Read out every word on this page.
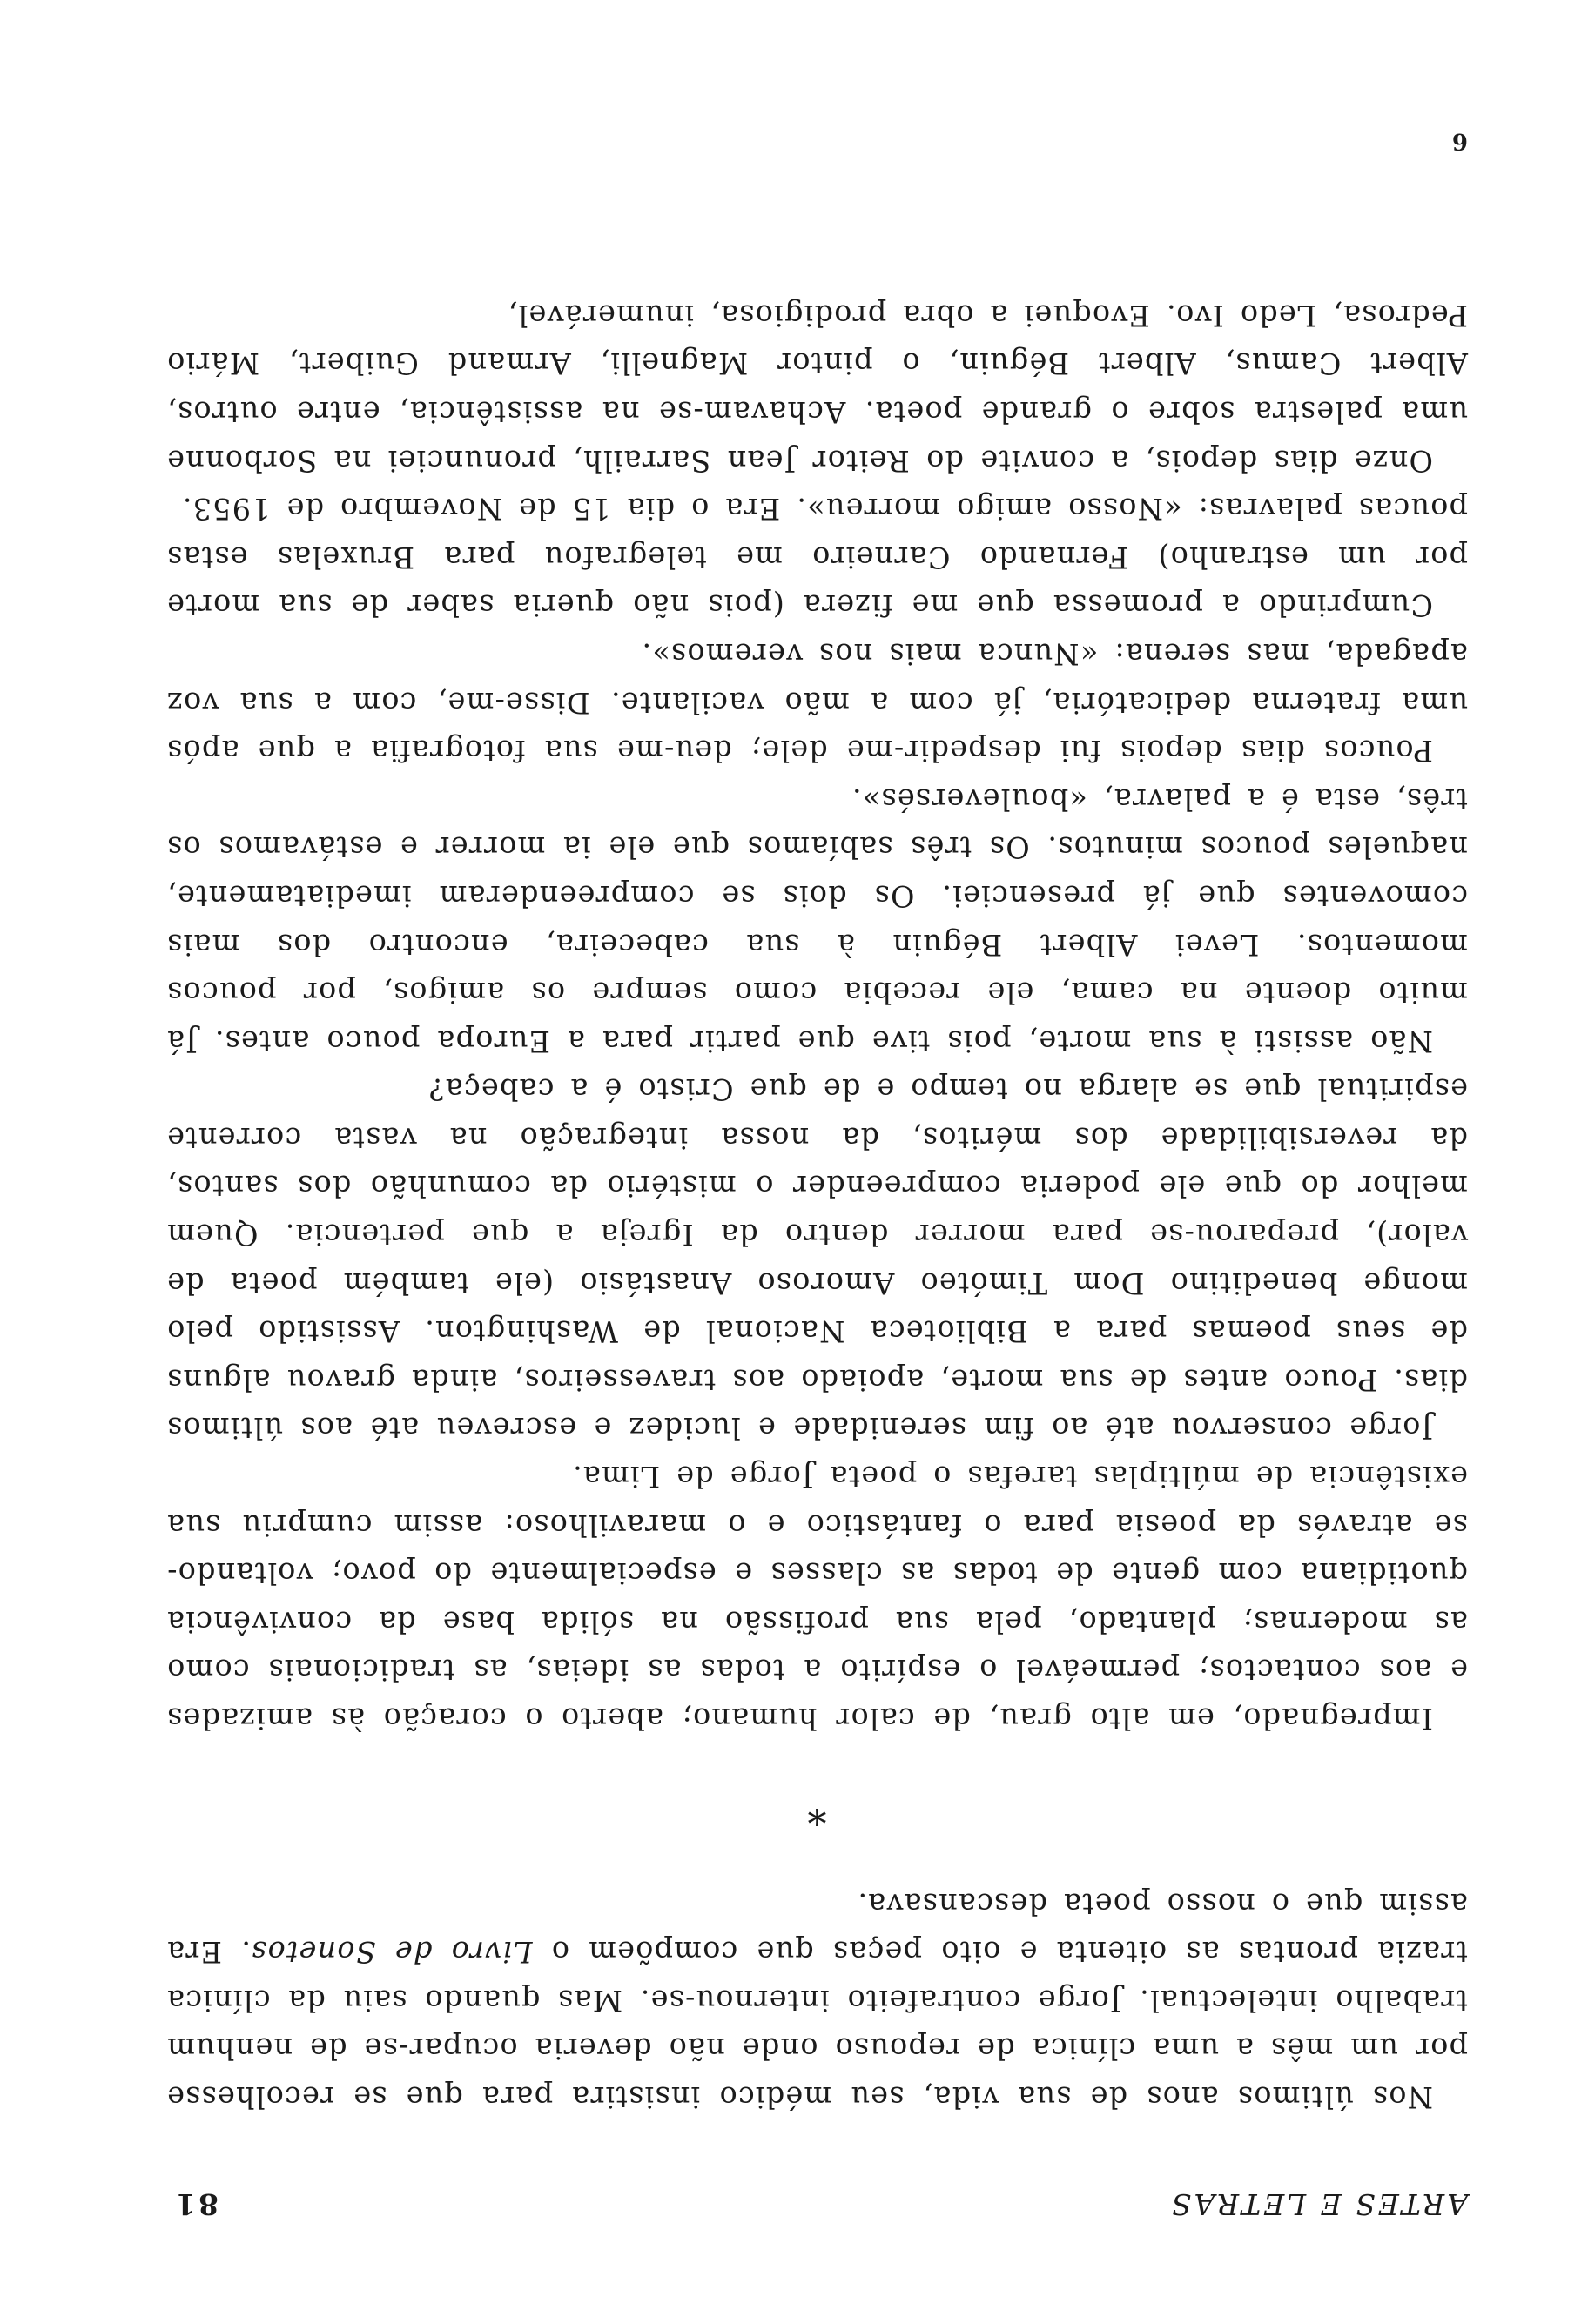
ARTES E LETRAS
81

Nos últimos anos de sua vida, seu médico insistira para que se recolhesse por um mês a uma clínica de repouso onde não deveria ocupar-se de nenhum trabalho intelectual. Jorge contrafeito internou-se. Mas quando saiu da clínica trazia prontas as oitenta e oito peças que compõem o Livro de Sonetos. Era assim que o nosso poeta descansava.

*

Impregnado, em alto grau, de calor humano; aberto o coração às amizades e aos contactos; permeável o espírito a todas as ideias, as tradicionais como as modernas; plantado, pela sua profissão na sólida base da convivência quotidiana com gente de todas as classes e especialmente do povo; voltando-se através da poesia para o fantástico e o maravilhoso: assim cumpriu sua existência de múltiplas tarefas o poeta Jorge de Lima.

Jorge conservou até ao fim serenidade e lucidez e escreveu até aos últimos dias. Pouco antes de sua morte, apoiado aos travesseiros, ainda gravou alguns de seus poemas para a Biblioteca Nacional de Washington. Assistido pelo monge beneditino Dom Timóteo Amoroso Anastásio (ele também poeta de valor), preparou-se para morrer dentro da Igreja a que pertencia. Quem melhor do que ele poderia compreender o mistério da comunhão dos santos, da reversibilidade dos méritos, da nossa integração na vasta corrente espiritual que se alarga no tempo e de que Cristo é a cabeça?

Não assisti à sua morte, pois tive que partir para a Europa pouco antes. Já muito doente na cama, ele recebia como sempre os amigos, por poucos momentos. Levei Albert Béguin à sua cabeceira, encontro dos mais comoventes que já presenciei. Os dois se compreenderam imediatamente, naqueles poucos minutos. Os três sabíamos que ele ia morrer e estávamos os três, esta é a palavra, «bouleversés».

Poucos dias depois fui despedir-me dele; deu-me sua fotografia a que após uma fraterna dedicatória, já com a mão vacilante. Disse-me, com a sua voz apagada, mas serena: «Nunca mais nos veremos».

Cumprindo a promessa que me fizera (pois não queria saber de sua morte por um estranho) Fernando Carneiro me telegrafou para Bruxelas estas poucas palavras: «Nosso amigo morreu». Era o dia 15 de Novembro de 1953.

Onze dias depois, a convite do Reitor Jean Sarrailh, pronunciei na Sorbonne uma palestra sobre o grande poeta. Achavam-se na assistência, entre outros, Albert Camus, Albert Béguin, o pintor Magnelli, Armand Guibert, Mário Pedrosa, Ledo Ivo. Evoquei a obra prodigiosa, inumerável,

6
